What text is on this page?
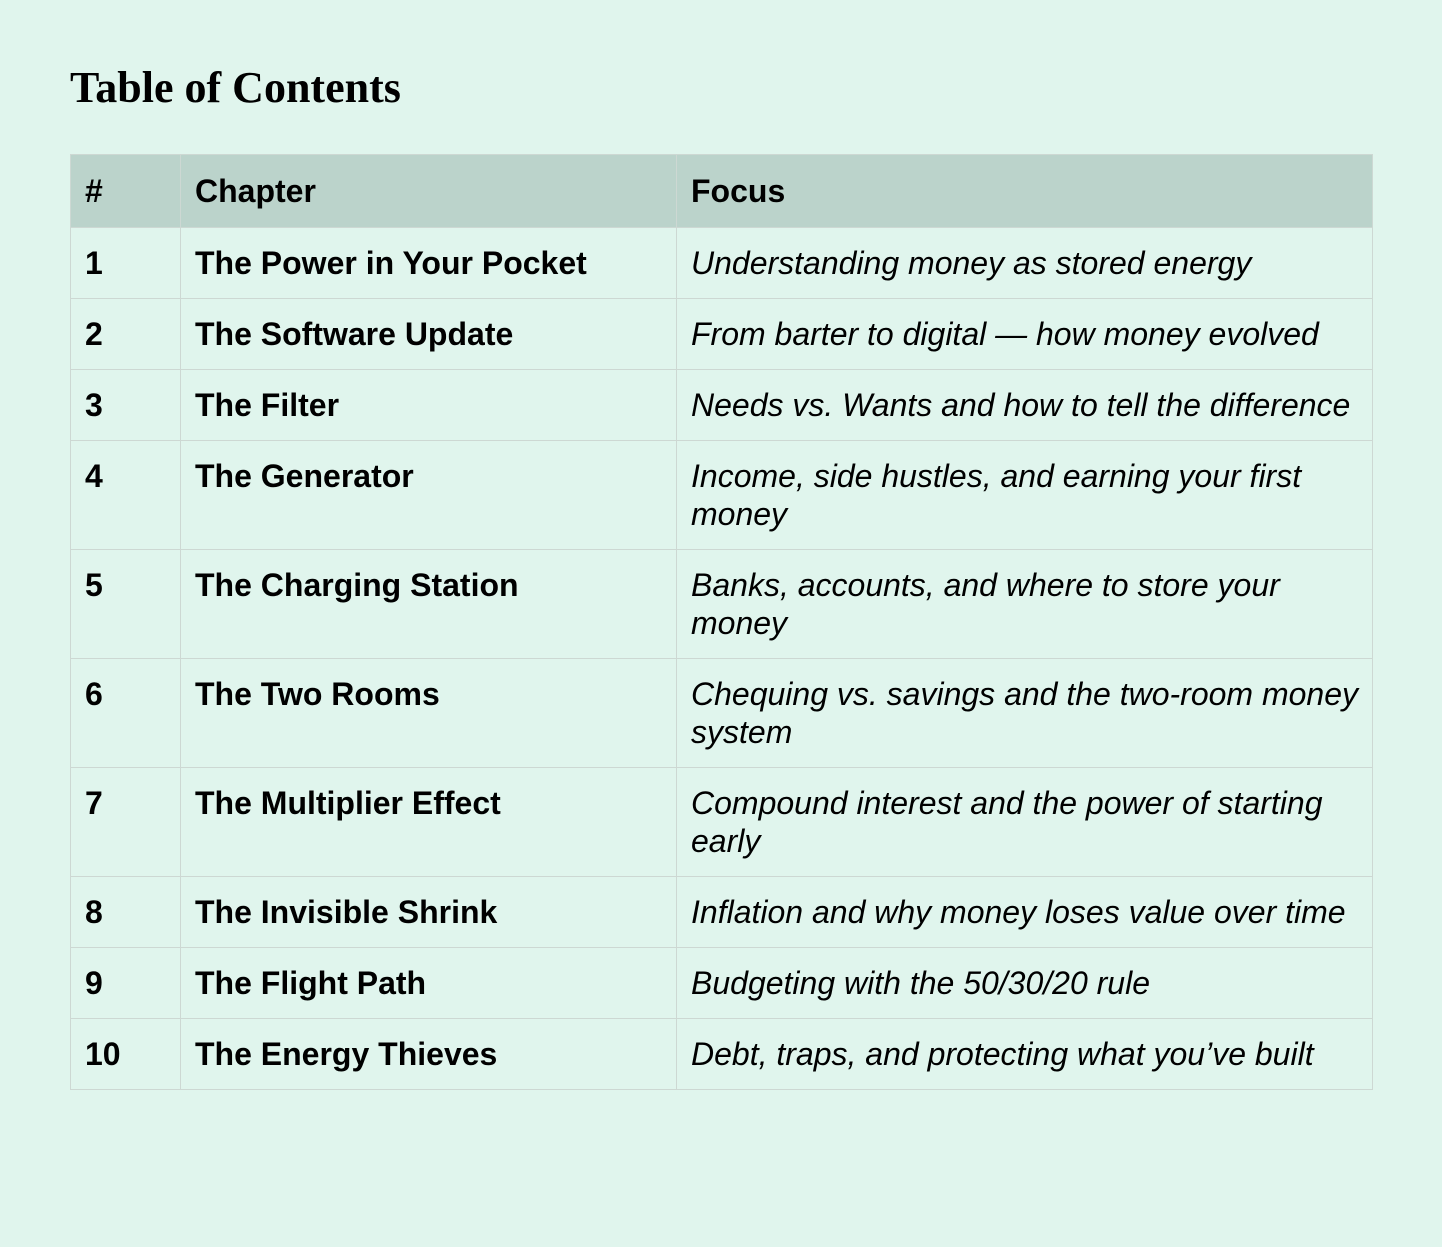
Table of Contents
#	Chapter	Focus
1	The Power in Your Pocket	Understanding money as stored energy
2	The Software Update	From barter to digital — how money evolved
3	The Filter	Needs vs. Wants and how to tell the difference
4	The Generator	Income, side hustles, and earning your first money
5	The Charging Station	Banks, accounts, and where to store your money
6	The Two Rooms	Chequing vs. savings and the two-room money system
7	The Multiplier Effect	Compound interest and the power of starting early
8	The Invisible Shrink	Inflation and why money loses value over time
9	The Flight Path	Budgeting with the 50/30/20 rule
10	The Energy Thieves	Debt, traps, and protecting what you’ve built
